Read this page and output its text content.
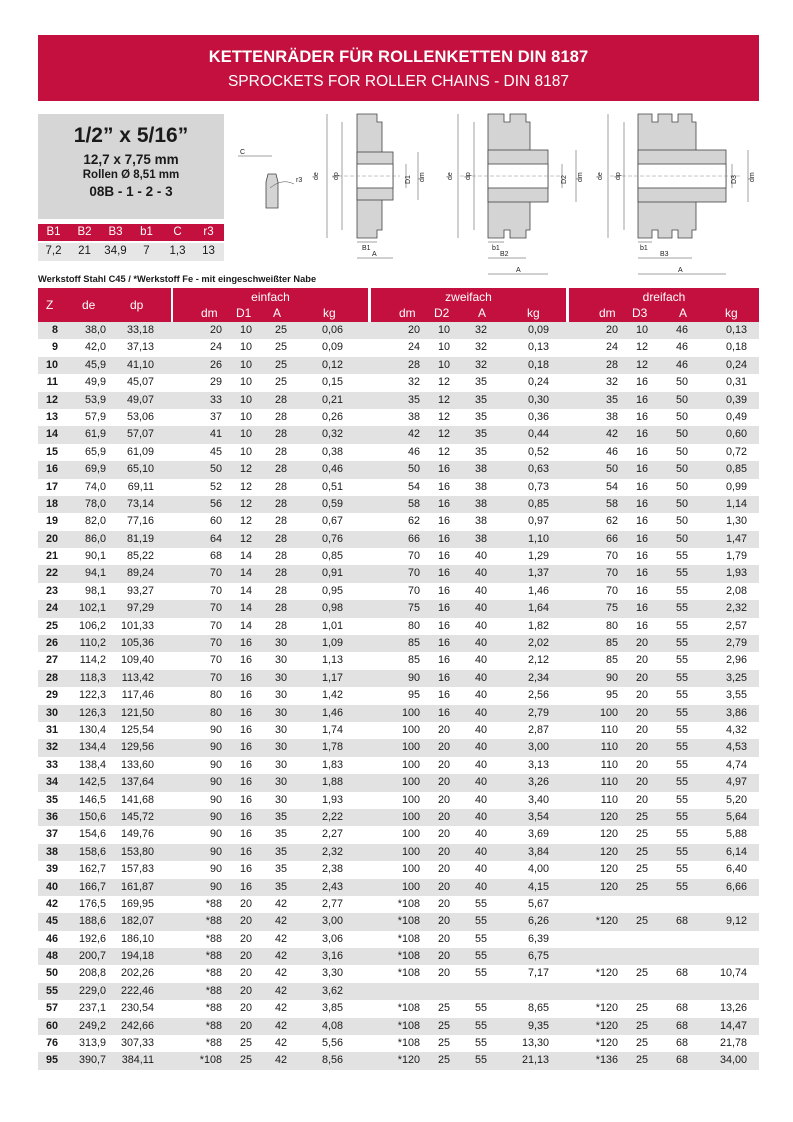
KETTENRÄDER FÜR ROLLENKETTEN DIN 8187
SPROCKETS FOR ROLLER CHAINS - DIN 8187
1/2” x 5/16”
12,7 x 7,75 mm
Rollen Ø 8,51 mm
08B - 1 - 2 - 3
B1	B2	B3	b1	C	r3
7,2	21	34,9	7	1,3	13
de dp	D1 dm
C
r3
B1
A
de dp	D2 dm
b1
B2
A
de dp	D3 dm
b1
B3
A
Werkstoff Stahl C45 / *Werkstoff Fe - mit eingeschweißter Nabe
Z de	dp
einfach
dm D1 A	kg
zweifach
dm D2 A	kg
dreifach
dm D3	A	kg
8 38,0 33,18	20 10 25	0,06	20 10 32	0,09	20 10	46	0,13
9 42,0 37,13	24 10 25	0,09	24 10 32	0,13	24 12	46	0,18
10 45,9 41,10	26 10 25	0,12	28 10 32	0,18	28 12	46	0,24
11 49,9 45,07	29 10 25	0,15	32 12 35	0,24	32 16	50	0,31
12 53,9 49,07	33 10 28	0,21	35 12 35	0,30	35 16	50	0,39
13 57,9 53,06	37 10 28	0,26	38 12 35	0,36	38 16	50	0,49
14 61,9 57,07	41 10 28	0,32	42 12 35	0,44	42 16	50	0,60
15 65,9 61,09	45 10 28	0,38	46 12 35	0,52	46 16	50	0,72
16 69,9 65,10	50 12 28	0,46	50 16 38	0,63	50 16	50	0,85
17 74,0 69,11	52 12 28	0,51	54 16 38	0,73	54 16	50	0,99
18 78,0 73,14	56 12 28	0,59	58 16 38	0,85	58 16	50	1,14
19 82,0 77,16	60 12 28	0,67	62 16 38	0,97	62 16	50	1,30
20 86,0 81,19	64 12 28	0,76	66 16 38	1,10	66 16	50	1,47
21 90,1 85,22	68 14 28	0,85	70 16 40	1,29	70 16	55	1,79
22 94,1 89,24	70 14 28	0,91	70 16 40	1,37	70 16	55	1,93
23 98,1 93,27	70 14 28	0,95	70 16 40	1,46	70 16	55	2,08
24 102,1 97,29	70 14 28	0,98	75 16 40	1,64	75 16	55	2,32
25 106,2 101,33	70 14 28	1,01	80 16 40	1,82	80 16	55	2,57
26 110,2 105,36	70 16 30	1,09	85 16 40	2,02	85 20	55	2,79
27 114,2 109,40	70 16 30	1,13	85 16 40	2,12	85 20	55	2,96
28 118,3 113,42	70 16 30	1,17	90 16 40	2,34	90 20	55	3,25
29 122,3 117,46	80 16 30	1,42	95 16 40	2,56	95 20	55	3,55
30 126,3 121,50	80 16 30	1,46	100 16 40	2,79	100 20	55	3,86
31 130,4 125,54	90 16 30	1,74	100 20 40	2,87	110 20	55	4,32
32 134,4 129,56	90 16 30	1,78	100 20 40	3,00	110 20	55	4,53
33 138,4 133,60	90 16 30	1,83	100 20 40	3,13	110 20	55	4,74
34 142,5 137,64	90 16 30	1,88	100 20 40	3,26	110 20	55	4,97
35 146,5 141,68	90 16 30	1,93	100 20 40	3,40	110 20	55	5,20
36 150,6 145,72	90 16 35	2,22	100 20 40	3,54	120 25	55	5,64
37 154,6 149,76	90 16 35	2,27	100 20 40	3,69	120 25	55	5,88
38 158,6 153,80	90 16 35	2,32	100 20 40	3,84	120 25	55	6,14
39 162,7 157,83	90 16 35	2,38	100 20 40	4,00	120 25	55	6,40
40 166,7 161,87	90 16 35	2,43	100 20 40	4,15	120 25	55	6,66
42 176,5 169,95	*88 20 42	2,77	*108 20 55	5,67
45 188,6 182,07	*88 20 42	3,00	*108 20 55	6,26	*120 25	68	9,12
46 192,6 186,10	*88 20 42	3,06	*108 20 55	6,39
48 200,7 194,18	*88 20 42	3,16	*108 20 55	6,75
50 208,8 202,26	*88 20 42	3,30	*108 20 55	7,17	*120 25	68	10,74
55 229,0 222,46	*88 20 42	3,62
57 237,1 230,54	*88 20 42	3,85	*108 25 55	8,65	*120 25	68	13,26
60 249,2 242,66	*88 20 42	4,08	*108 25 55	9,35	*120 25	68	14,47
76 313,9 307,33	*88 25 42	5,56	*108 25 55	13,30	*120 25	68	21,78
95 390,7 384,11	*108 25 42	8,56	*120 25 55	21,13	*136 25	68	34,00
